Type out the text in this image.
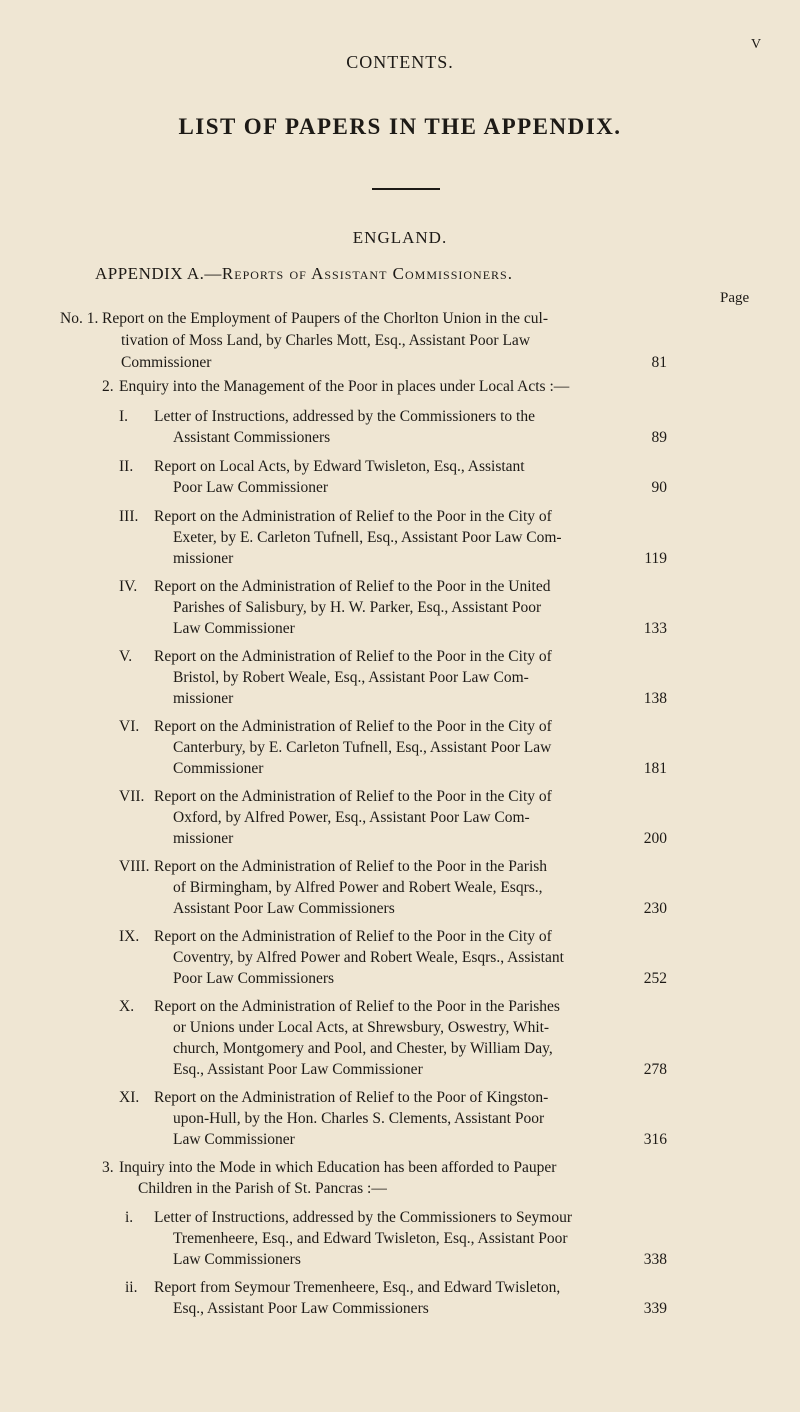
CONTENTS.
V
LIST OF PAPERS IN THE APPENDIX.
ENGLAND.
APPENDIX A.—Reports of Assistant Commissioners.
Page
No. 1. Report on the Employment of Paupers of the Chorlton Union in the cul-
tivation of Moss Land, by Charles Mott, Esq., Assistant Poor Law
Commissioner	81
2. Enquiry into the Management of the Poor in places under Local Acts :—
I. Letter of Instructions, addressed by the Commissioners to the
Assistant Commissioners	89
II. Report on Local Acts, by Edward Twisleton, Esq., Assistant
Poor Law Commissioner	90
III. Report on the Administration of Relief to the Poor in the City of
Exeter, by E. Carleton Tufnell, Esq., Assistant Poor Law Com-
missioner	119
IV. Report on the Administration of Relief to the Poor in the United
Parishes of Salisbury, by H. W. Parker, Esq., Assistant Poor
Law Commissioner	133
V. Report on the Administration of Relief to the Poor in the City of
Bristol, by Robert Weale, Esq., Assistant Poor Law Com-
missioner	138
VI. Report on the Administration of Relief to the Poor in the City of
Canterbury, by E. Carleton Tufnell, Esq., Assistant Poor Law
Commissioner	181
VII. Report on the Administration of Relief to the Poor in the City of
Oxford, by Alfred Power, Esq., Assistant Poor Law Com-
missioner	200
VIII. Report on the Administration of Relief to the Poor in the Parish
of Birmingham, by Alfred Power and Robert Weale, Esqrs.,
Assistant Poor Law Commissioners	230
IX. Report on the Administration of Relief to the Poor in the City of
Coventry, by Alfred Power and Robert Weale, Esqrs., Assistant
Poor Law Commissioners	252
X. Report on the Administration of Relief to the Poor in the Parishes
or Unions under Local Acts, at Shrewsbury, Oswestry, Whit-
church, Montgomery and Pool, and Chester, by William Day,
Esq., Assistant Poor Law Commissioner	278
XI. Report on the Administration of Relief to the Poor of Kingston-
upon-Hull, by the Hon. Charles S. Clements, Assistant Poor
Law Commissioner	316
3. Inquiry into the Mode in which Education has been afforded to Pauper
Children in the Parish of St. Pancras :—
i. Letter of Instructions, addressed by the Commissioners to Seymour
Tremenheere, Esq., and Edward Twisleton, Esq., Assistant Poor
Law Commissioners	338
ii. Report from Seymour Tremenheere, Esq., and Edward Twisleton,
Esq., Assistant Poor Law Commissioners	339
